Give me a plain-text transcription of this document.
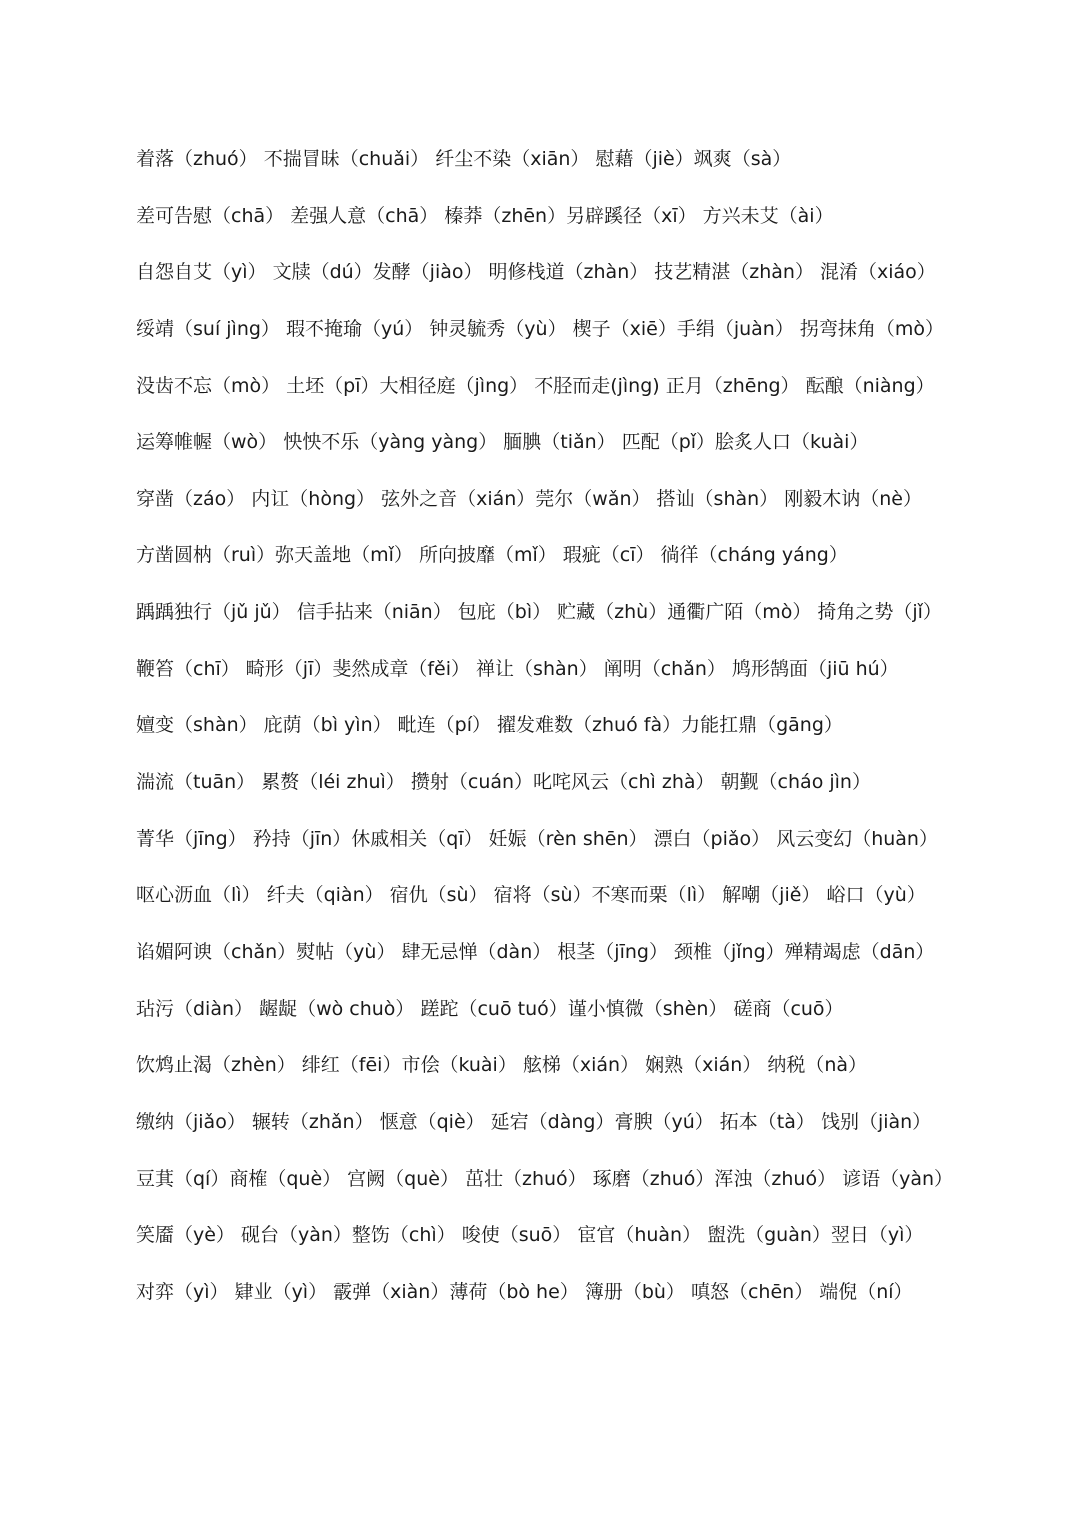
着落（zhuó） 不揣冒昧（chuǎi） 纤尘不染（xiān） 慰藉（jiè）飒爽（sà）
差可告慰（chā） 差强人意（chā） 榛莽（zhēn）另辟蹊径（xī） 方兴未艾（ài）
自怨自艾（yì） 文牍（dú）发酵（jiào） 明修栈道（zhàn） 技艺精湛（zhàn） 混淆（xiáo）
绥靖（suí jìng） 瑕不掩瑜（yú） 钟灵毓秀（yù） 楔子（xiē）手绢（juàn） 拐弯抹角（mò）
没齿不忘（mò） 土坯（pī）大相径庭（jìng） 不胫而走(jìng) 正月（zhēng） 酝酿（niàng）
运筹帷幄（wò） 怏怏不乐（yàng yàng） 腼腆（tiǎn） 匹配（pǐ）脍炙人口（kuài）
穿凿（záo） 内讧（hòng） 弦外之音（xián）莞尔（wǎn） 搭讪（shàn） 刚毅木讷（nè）
方凿圆枘（ruì）弥天盖地（mǐ） 所向披靡（mǐ） 瑕疵（cī） 徜徉（cháng yáng）
踽踽独行（jǔ jǔ） 信手拈来（niān） 包庇（bì） 贮藏（zhù）通衢广陌（mò） 掎角之势（jǐ）
鞭笞（chī） 畸形（jī）斐然成章（fěi） 禅让（shàn） 阐明（chǎn） 鸠形鹄面（jiū hú）
嬗变（shàn） 庇荫（bì yìn） 毗连（pí） 擢发难数（zhuó fà）力能扛鼎（gāng）
湍流（tuān） 累赘（léi zhuì） 攒射（cuán）叱咤风云（chì zhà） 朝觐（cháo jìn）
菁华（jīng） 矜持（jīn）休戚相关（qī） 妊娠（rèn shēn） 漂白（piǎo） 风云变幻（huàn）
呕心沥血（lì） 纤夫（qiàn） 宿仇（sù） 宿将（sù）不寒而栗（lì） 解嘲（jiě） 峪口（yù）
谄媚阿谀（chǎn）熨帖（yù） 肆无忌惮（dàn） 根茎（jīng） 颈椎（jǐng）殚精竭虑（dān）
玷污（diàn） 龌龊（wò chuò） 蹉跎（cuō tuó）谨小慎微（shèn） 磋商（cuō）
饮鸩止渴（zhèn） 绯红（fēi）市侩（kuài） 舷梯（xián） 娴熟（xián） 纳税（nà）
缴纳（jiǎo） 辗转（zhǎn） 惬意（qiè） 延宕（dàng）膏腴（yú） 拓本（tà） 饯别（jiàn）
豆萁（qí）商榷（què） 宫阙（què） 茁壮（zhuó） 琢磨（zhuó）浑浊（zhuó） 谚语（yàn）
笑靥（yè） 砚台（yàn）整饬（chì） 唆使（suō） 宦官（huàn） 盥洗（guàn）翌日（yì）
对弈（yì） 肄业（yì） 霰弹（xiàn）薄荷（bò he） 簿册（bù） 嗔怒（chēn） 端倪（ní）
